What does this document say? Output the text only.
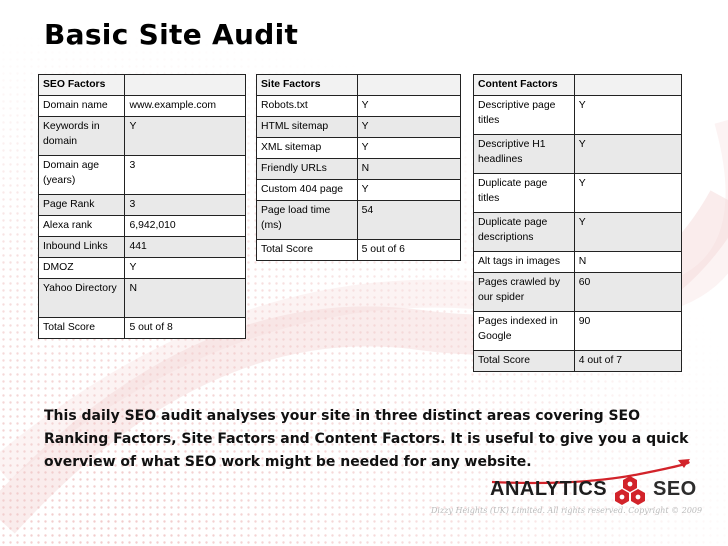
Basic Site Audit
SEO Factors	
Domain name	www.example.com
Keywords in domain	Y
Domain age (years)	3
Page Rank	3
Alexa rank	6,942,010
Inbound Links	441
DMOZ	Y
Yahoo Directory	N
Total Score	5 out of 8
Site Factors	
Robots.txt	Y
HTML sitemap	Y
XML sitemap	Y
Friendly URLs	N
Custom 404 page	Y
Page load time (ms)	54
Total Score	5 out of 6
Content Factors	
Descriptive page titles	Y
Descriptive H1 headlines	Y
Duplicate page titles	Y
Duplicate page descriptions	Y
Alt tags in images	N
Pages crawled by our spider	60
Pages indexed in Google	90
Total Score	4 out of 7

This daily SEO audit analyses your site in three distinct areas covering SEO Ranking Factors, Site Factors and Content Factors. It is useful to give you a quick overview of what SEO work might be needed for any website.

ANALYTICS SEO
Dizzy Heights (UK) Limited. All rights reserved. Copyright © 2009
